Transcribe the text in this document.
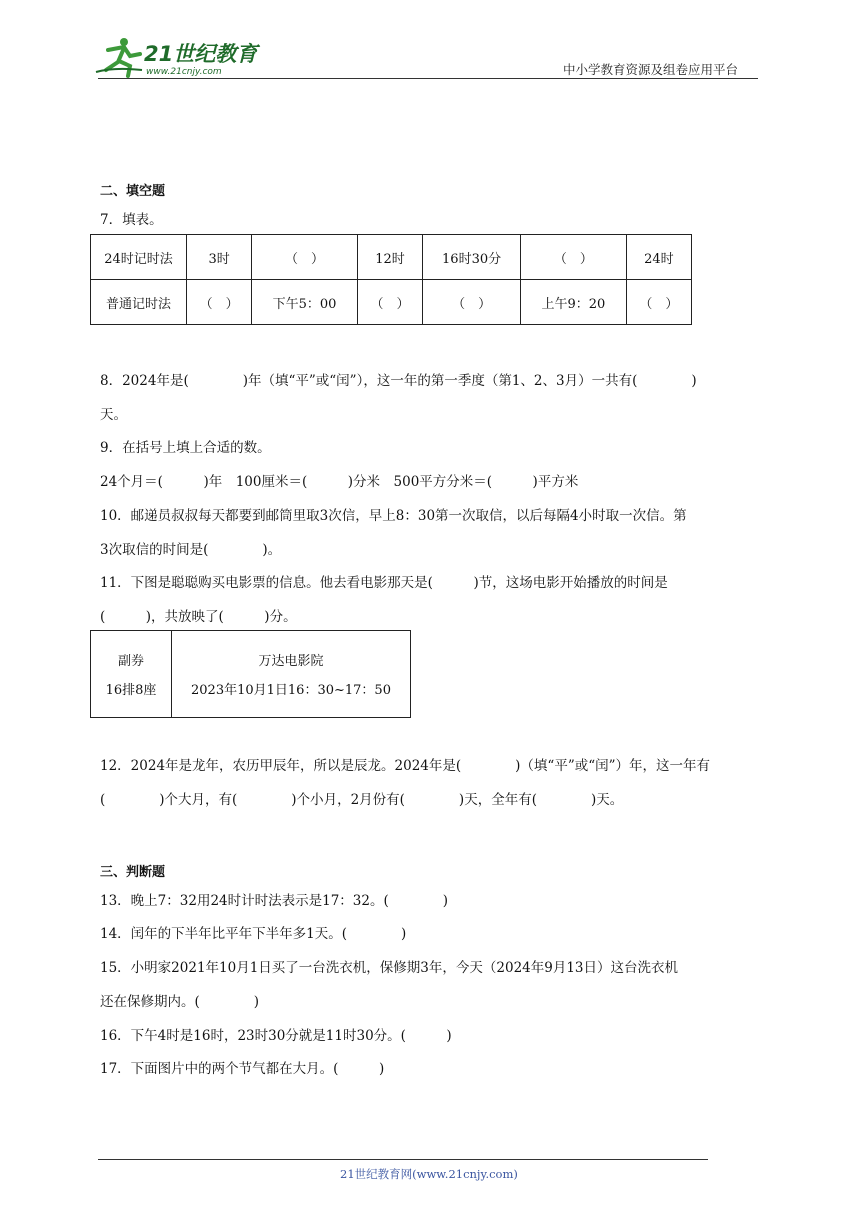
21世纪教育
www.21cnjy.com	中小学教育资源及组卷应用平台
二、填空题
7．填表。
24时记时法	3时	（　）	12时	16时30分	（　）	24时
普通记时法	（　）	下午5：00	（　）	（　）	上午9：20	（　）
8．2024年是(　　　　)年（填“平”或“闰”），这一年的第一季度（第1、2、3月）一共有(　　　　)
天。
9．在括号上填上合适的数。
24个月＝(　　　)年　100厘米＝(　　　)分米　500平方分米＝(　　　)平方米
10．邮递员叔叔每天都要到邮筒里取3次信，早上8：30第一次取信，以后每隔4小时取一次信。第
3次取信的时间是(　　　　)。
11．下图是聪聪购买电影票的信息。他去看电影那天是(　　　)节，这场电影开始播放的时间是
(　　　)，共放映了(　　　)分。
副券	万达电影院
16排8座	2023年10月1日16：30~17：50
12．2024年是龙年，农历甲辰年，所以是辰龙。2024年是(　　　　)（填“平”或“闰”）年，这一年有
(　　　　)个大月，有(　　　　)个小月，2月份有(　　　　)天，全年有(　　　　)天。
三、判断题
13．晚上7：32用24时计时法表示是17：32。(　　　　)
14．闰年的下半年比平年下半年多1天。(　　　　)
15．小明家2021年10月1日买了一台洗衣机，保修期3年，今天（2024年9月13日）这台洗衣机
还在保修期内。(　　　　)
16．下午4时是16时，23时30分就是11时30分。(　　　)
17．下面图片中的两个节气都在大月。(　　　)
21世纪教育网(www.21cnjy.com)
